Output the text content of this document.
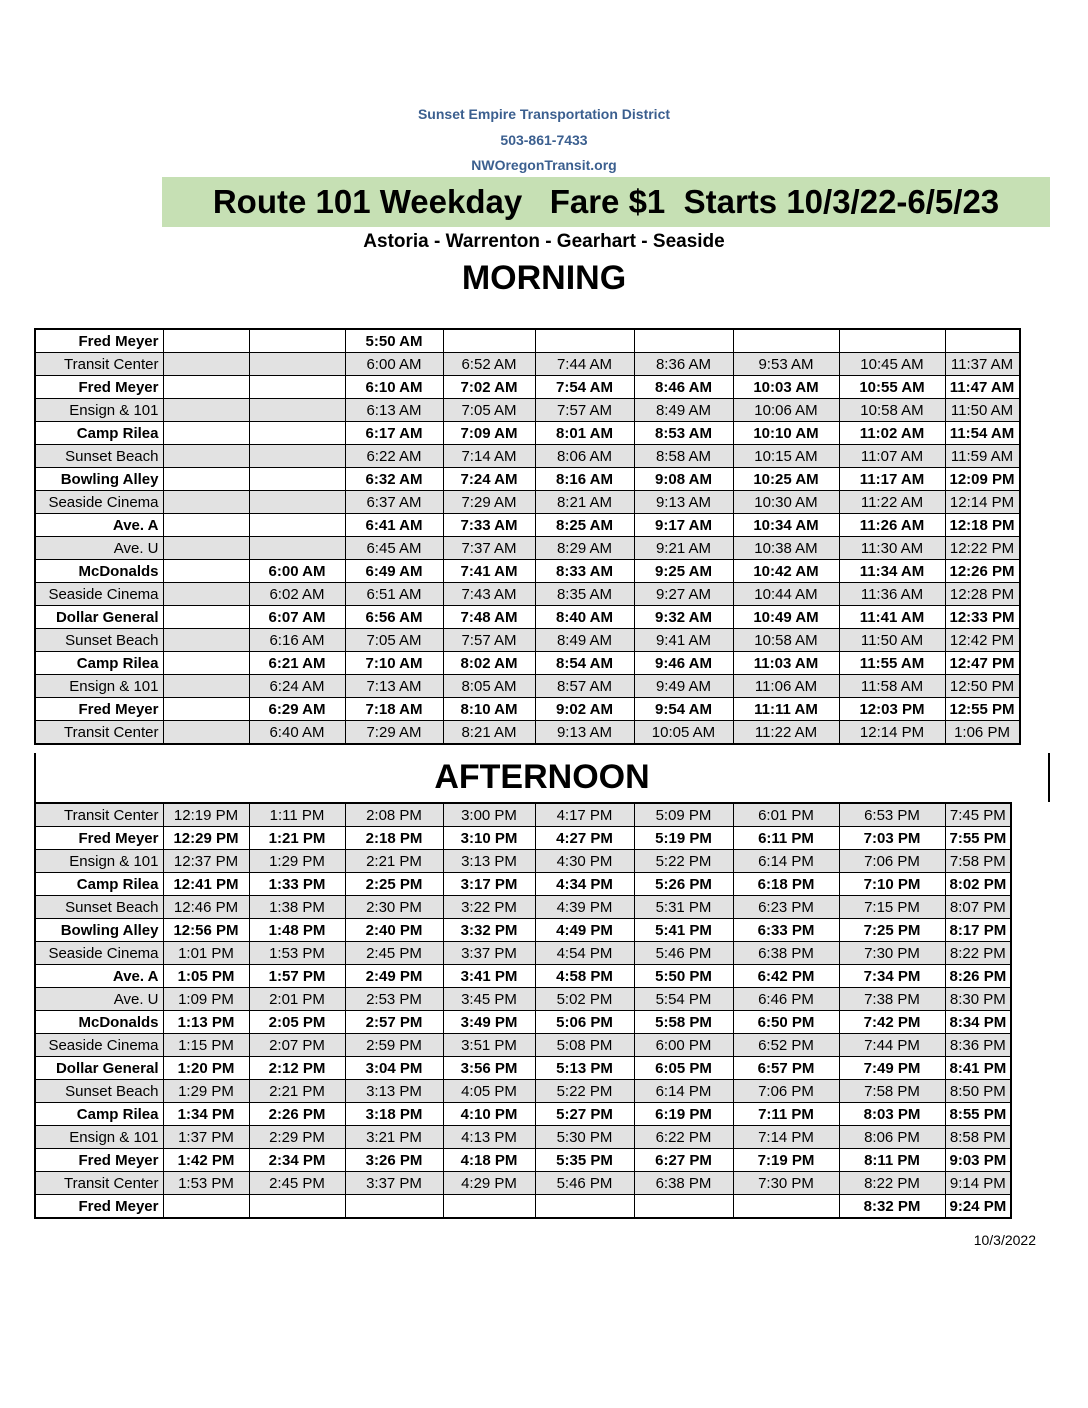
Sunset Empire Transportation District
503-861-7433
NWOregonTransit.org
Route 101 Weekday   Fare $1  Starts 10/3/22-6/5/23
Astoria - Warrenton - Gearhart - Seaside
MORNING
Fred Meyer			5:50 AM						
Transit Center			6:00 AM	6:52 AM	7:44 AM	8:36 AM	9:53 AM	10:45 AM	11:37 AM
Fred Meyer			6:10 AM	7:02 AM	7:54 AM	8:46 AM	10:03 AM	10:55 AM	11:47 AM
Ensign & 101			6:13 AM	7:05 AM	7:57 AM	8:49 AM	10:06 AM	10:58 AM	11:50 AM
Camp Rilea			6:17 AM	7:09 AM	8:01 AM	8:53 AM	10:10 AM	11:02 AM	11:54 AM
Sunset Beach			6:22 AM	7:14 AM	8:06 AM	8:58 AM	10:15 AM	11:07 AM	11:59 AM
Bowling Alley			6:32 AM	7:24 AM	8:16 AM	9:08 AM	10:25 AM	11:17 AM	12:09 PM
Seaside Cinema			6:37 AM	7:29 AM	8:21 AM	9:13 AM	10:30 AM	11:22 AM	12:14 PM
Ave. A			6:41 AM	7:33 AM	8:25 AM	9:17 AM	10:34 AM	11:26 AM	12:18 PM
Ave. U			6:45 AM	7:37 AM	8:29 AM	9:21 AM	10:38 AM	11:30 AM	12:22 PM
McDonalds		6:00 AM	6:49 AM	7:41 AM	8:33 AM	9:25 AM	10:42 AM	11:34 AM	12:26 PM
Seaside Cinema		6:02 AM	6:51 AM	7:43 AM	8:35 AM	9:27 AM	10:44 AM	11:36 AM	12:28 PM
Dollar General		6:07 AM	6:56 AM	7:48 AM	8:40 AM	9:32 AM	10:49 AM	11:41 AM	12:33 PM
Sunset Beach		6:16 AM	7:05 AM	7:57 AM	8:49 AM	9:41 AM	10:58 AM	11:50 AM	12:42 PM
Camp Rilea		6:21 AM	7:10 AM	8:02 AM	8:54 AM	9:46 AM	11:03 AM	11:55 AM	12:47 PM
Ensign & 101		6:24 AM	7:13 AM	8:05 AM	8:57 AM	9:49 AM	11:06 AM	11:58 AM	12:50 PM
Fred Meyer		6:29 AM	7:18 AM	8:10 AM	9:02 AM	9:54 AM	11:11 AM	12:03 PM	12:55 PM
Transit Center		6:40 AM	7:29 AM	8:21 AM	9:13 AM	10:05 AM	11:22 AM	12:14 PM	1:06 PM
AFTERNOON
Transit Center	12:19 PM	1:11 PM	2:08 PM	3:00 PM	4:17 PM	5:09 PM	6:01 PM	6:53 PM	7:45 PM
Fred Meyer	12:29 PM	1:21 PM	2:18 PM	3:10 PM	4:27 PM	5:19 PM	6:11 PM	7:03 PM	7:55 PM
Ensign & 101	12:37 PM	1:29 PM	2:21 PM	3:13 PM	4:30 PM	5:22 PM	6:14 PM	7:06 PM	7:58 PM
Camp Rilea	12:41 PM	1:33 PM	2:25 PM	3:17 PM	4:34 PM	5:26 PM	6:18 PM	7:10 PM	8:02 PM
Sunset Beach	12:46 PM	1:38 PM	2:30 PM	3:22 PM	4:39 PM	5:31 PM	6:23 PM	7:15 PM	8:07 PM
Bowling Alley	12:56 PM	1:48 PM	2:40 PM	3:32 PM	4:49 PM	5:41 PM	6:33 PM	7:25 PM	8:17 PM
Seaside Cinema	1:01 PM	1:53 PM	2:45 PM	3:37 PM	4:54 PM	5:46 PM	6:38 PM	7:30 PM	8:22 PM
Ave. A	1:05 PM	1:57 PM	2:49 PM	3:41 PM	4:58 PM	5:50 PM	6:42 PM	7:34 PM	8:26 PM
Ave. U	1:09 PM	2:01 PM	2:53 PM	3:45 PM	5:02 PM	5:54 PM	6:46 PM	7:38 PM	8:30 PM
McDonalds	1:13 PM	2:05 PM	2:57 PM	3:49 PM	5:06 PM	5:58 PM	6:50 PM	7:42 PM	8:34 PM
Seaside Cinema	1:15 PM	2:07 PM	2:59 PM	3:51 PM	5:08 PM	6:00 PM	6:52 PM	7:44 PM	8:36 PM
Dollar General	1:20 PM	2:12 PM	3:04 PM	3:56 PM	5:13 PM	6:05 PM	6:57 PM	7:49 PM	8:41 PM
Sunset Beach	1:29 PM	2:21 PM	3:13 PM	4:05 PM	5:22 PM	6:14 PM	7:06 PM	7:58 PM	8:50 PM
Camp Rilea	1:34 PM	2:26 PM	3:18 PM	4:10 PM	5:27 PM	6:19 PM	7:11 PM	8:03 PM	8:55 PM
Ensign & 101	1:37 PM	2:29 PM	3:21 PM	4:13 PM	5:30 PM	6:22 PM	7:14 PM	8:06 PM	8:58 PM
Fred Meyer	1:42 PM	2:34 PM	3:26 PM	4:18 PM	5:35 PM	6:27 PM	7:19 PM	8:11 PM	9:03 PM
Transit Center	1:53 PM	2:45 PM	3:37 PM	4:29 PM	5:46 PM	6:38 PM	7:30 PM	8:22 PM	9:14 PM
Fred Meyer								8:32 PM	9:24 PM
10/3/2022
